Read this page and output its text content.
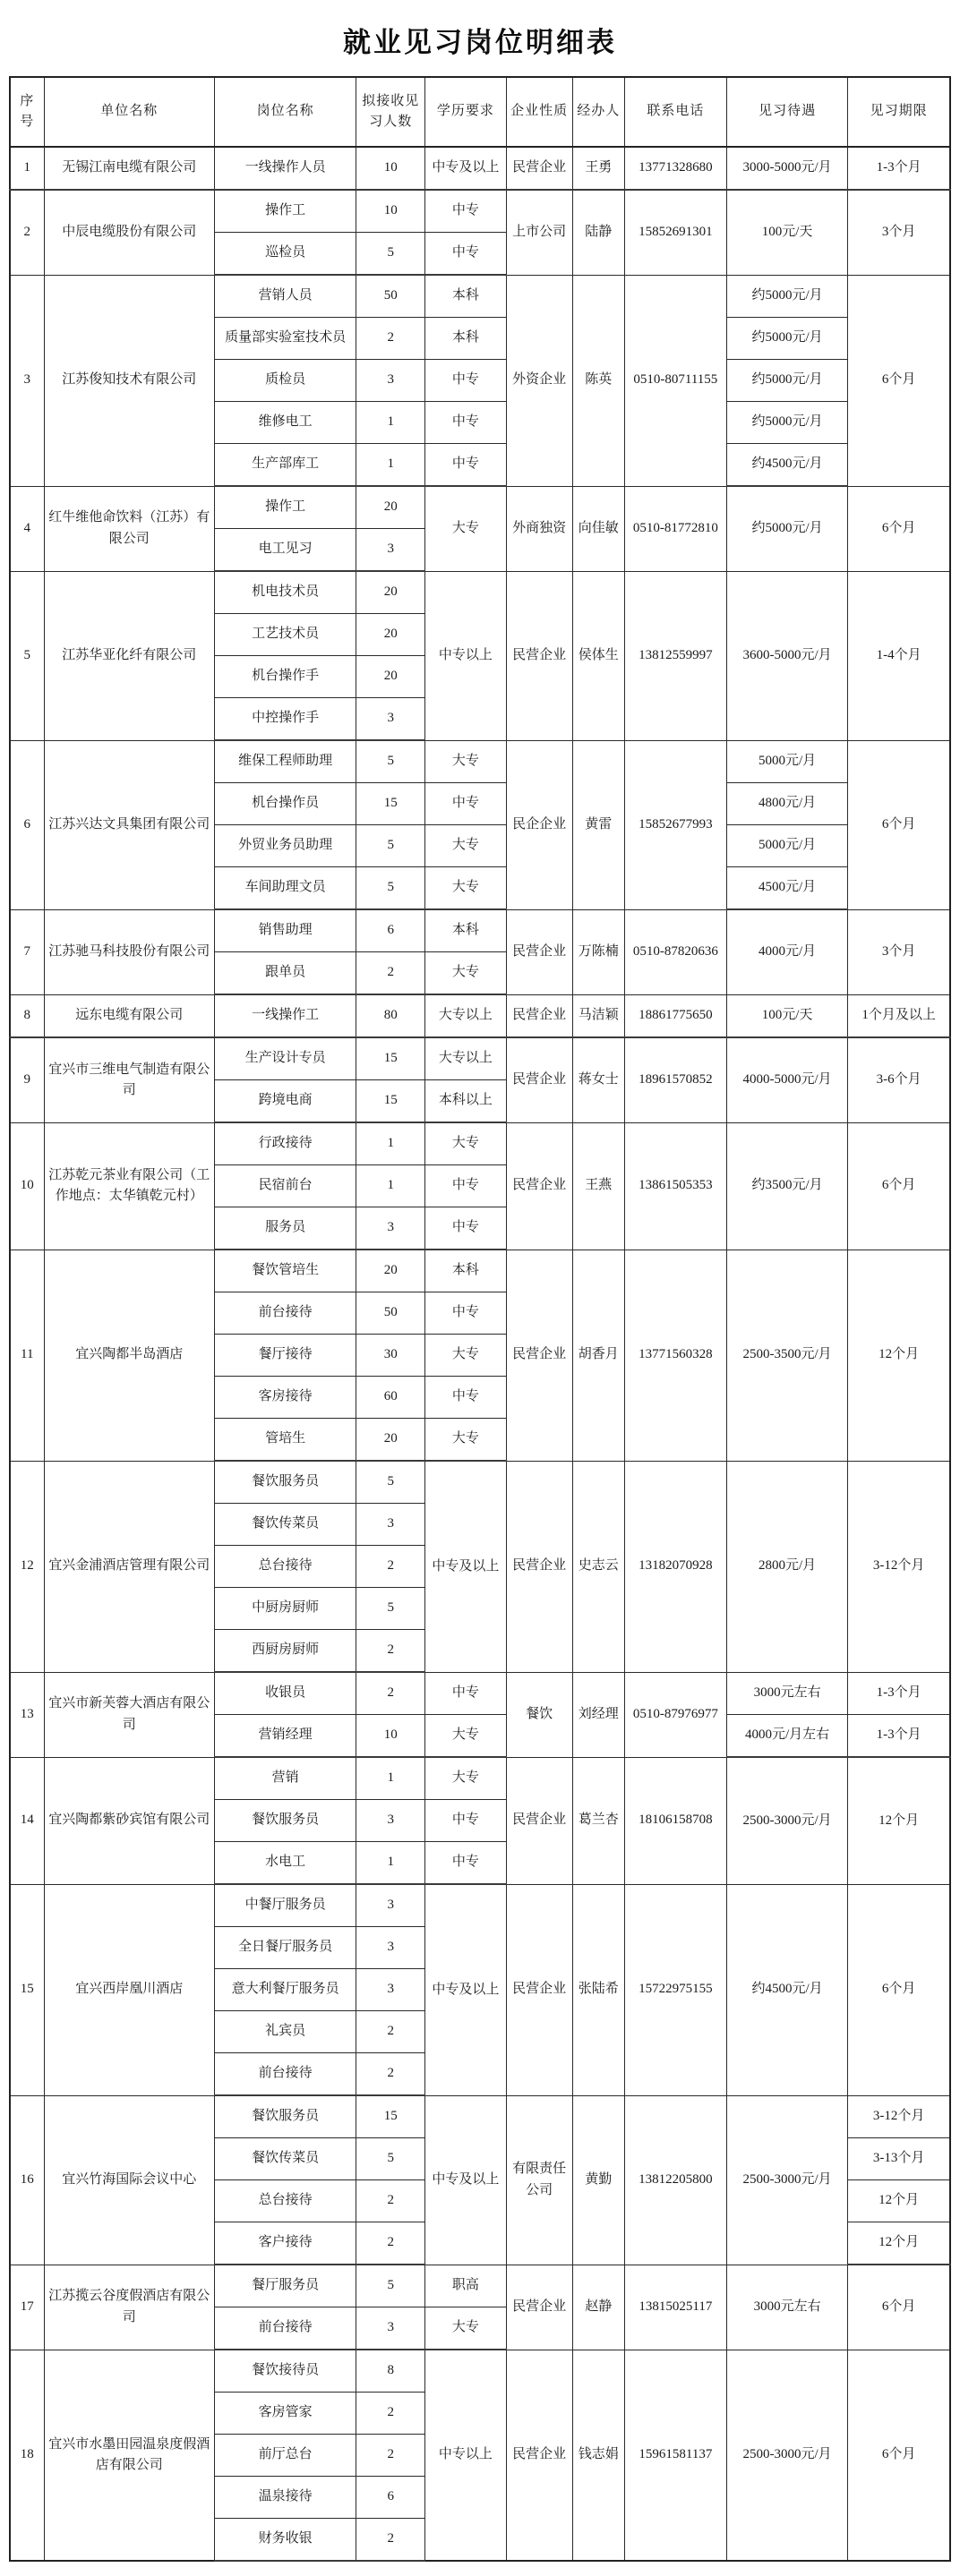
就业见习岗位明细表
序号	单位名称	岗位名称	拟接收见习人数	学历要求	企业性质	经办人	联系电话	见习待遇	见习期限
1	无锡江南电缆有限公司	一线操作人员	10	中专及以上	民营企业	王勇	13771328680	3000-5000元/月	1-3个月
2	中辰电缆股份有限公司	操作工	10	中专	上市公司	陆静	15852691301	100元/天	3个月
		巡检员	5	中专					
3	江苏俊知技术有限公司	营销人员	50	本科	外资企业	陈英	0510-80711155	约5000元/月	6个月
		质量部实验室技术员	2	本科				约5000元/月	
		质检员	3	中专				约5000元/月	
		维修电工	1	中专				约5000元/月	
		生产部库工	1	中专				约4500元/月	
4	红牛维他命饮料（江苏）有限公司	操作工	20	大专	外商独资	向佳敏	0510-81772810	约5000元/月	6个月
		电工见习	3						
5	江苏华亚化纤有限公司	机电技术员	20	中专以上	民营企业	侯体生	13812559997	3600-5000元/月	1-4个月
		工艺技术员	20						
		机台操作手	20						
		中控操作手	3						
6	江苏兴达文具集团有限公司	维保工程师助理	5	大专	民企企业	黄雷	15852677993	5000元/月	6个月
		机台操作员	15	中专				4800元/月	
		外贸业务员助理	5	大专				5000元/月	
		车间助理文员	5	大专				4500元/月	
7	江苏驰马科技股份有限公司	销售助理	6	本科	民营企业	万陈楠	0510-87820636	4000元/月	3个月
		跟单员	2	大专					
8	远东电缆有限公司	一线操作工	80	大专以上	民营企业	马洁颖	18861775650	100元/天	1个月及以上
9	宜兴市三维电气制造有限公司	生产设计专员	15	大专以上	民营企业	蒋女士	18961570852	4000-5000元/月	3-6个月
		跨境电商	15	本科以上					
10	江苏乾元茶业有限公司（工作地点：太华镇乾元村）	行政接待	1	大专	民营企业	王燕	13861505353	约3500元/月	6个月
		民宿前台	1	中专					
		服务员	3	中专					
11	宜兴陶都半岛酒店	餐饮管培生	20	本科	民营企业	胡香月	13771560328	2500-3500元/月	12个月
		前台接待	50	中专					
		餐厅接待	30	大专					
		客房接待	60	中专					
		管培生	20	大专					
12	宜兴金浦酒店管理有限公司	餐饮服务员	5	中专及以上	民营企业	史志云	13182070928	2800元/月	3-12个月
		餐饮传菜员	3						
		总台接待	2						
		中厨房厨师	5						
		西厨房厨师	2						
13	宜兴市新芙蓉大酒店有限公司	收银员	2	中专	餐饮	刘经理	0510-87976977	3000元左右	1-3个月
		营销经理	10	大专				4000元/月左右	1-3个月
14	宜兴陶都紫砂宾馆有限公司	营销	1	大专	民营企业	葛兰杏	18106158708	2500-3000元/月	12个月
		餐饮服务员	3	中专					
		水电工	1	中专					
15	宜兴西岸凰川酒店	中餐厅服务员	3	中专及以上	民营企业	张陆希	15722975155	约4500元/月	6个月
		全日餐厅服务员	3						
		意大利餐厅服务员	3						
		礼宾员	2						
		前台接待	2						
16	宜兴竹海国际会议中心	餐饮服务员	15	中专及以上	有限责任公司	黄勤	13812205800	2500-3000元/月	3-12个月
		餐饮传菜员	5						3-13个月
		总台接待	2						12个月
		客户接待	2						12个月
17	江苏揽云谷度假酒店有限公司	餐厅服务员	5	职高	民营企业	赵静	13815025117	3000元左右	6个月
		前台接待	3	大专					
18	宜兴市水墨田园温泉度假酒店有限公司	餐饮接待员	8	中专以上	民营企业	钱志娟	15961581137	2500-3000元/月	6个月
		客房管家	2						
		前厅总台	2						
		温泉接待	6						
		财务收银	2						
